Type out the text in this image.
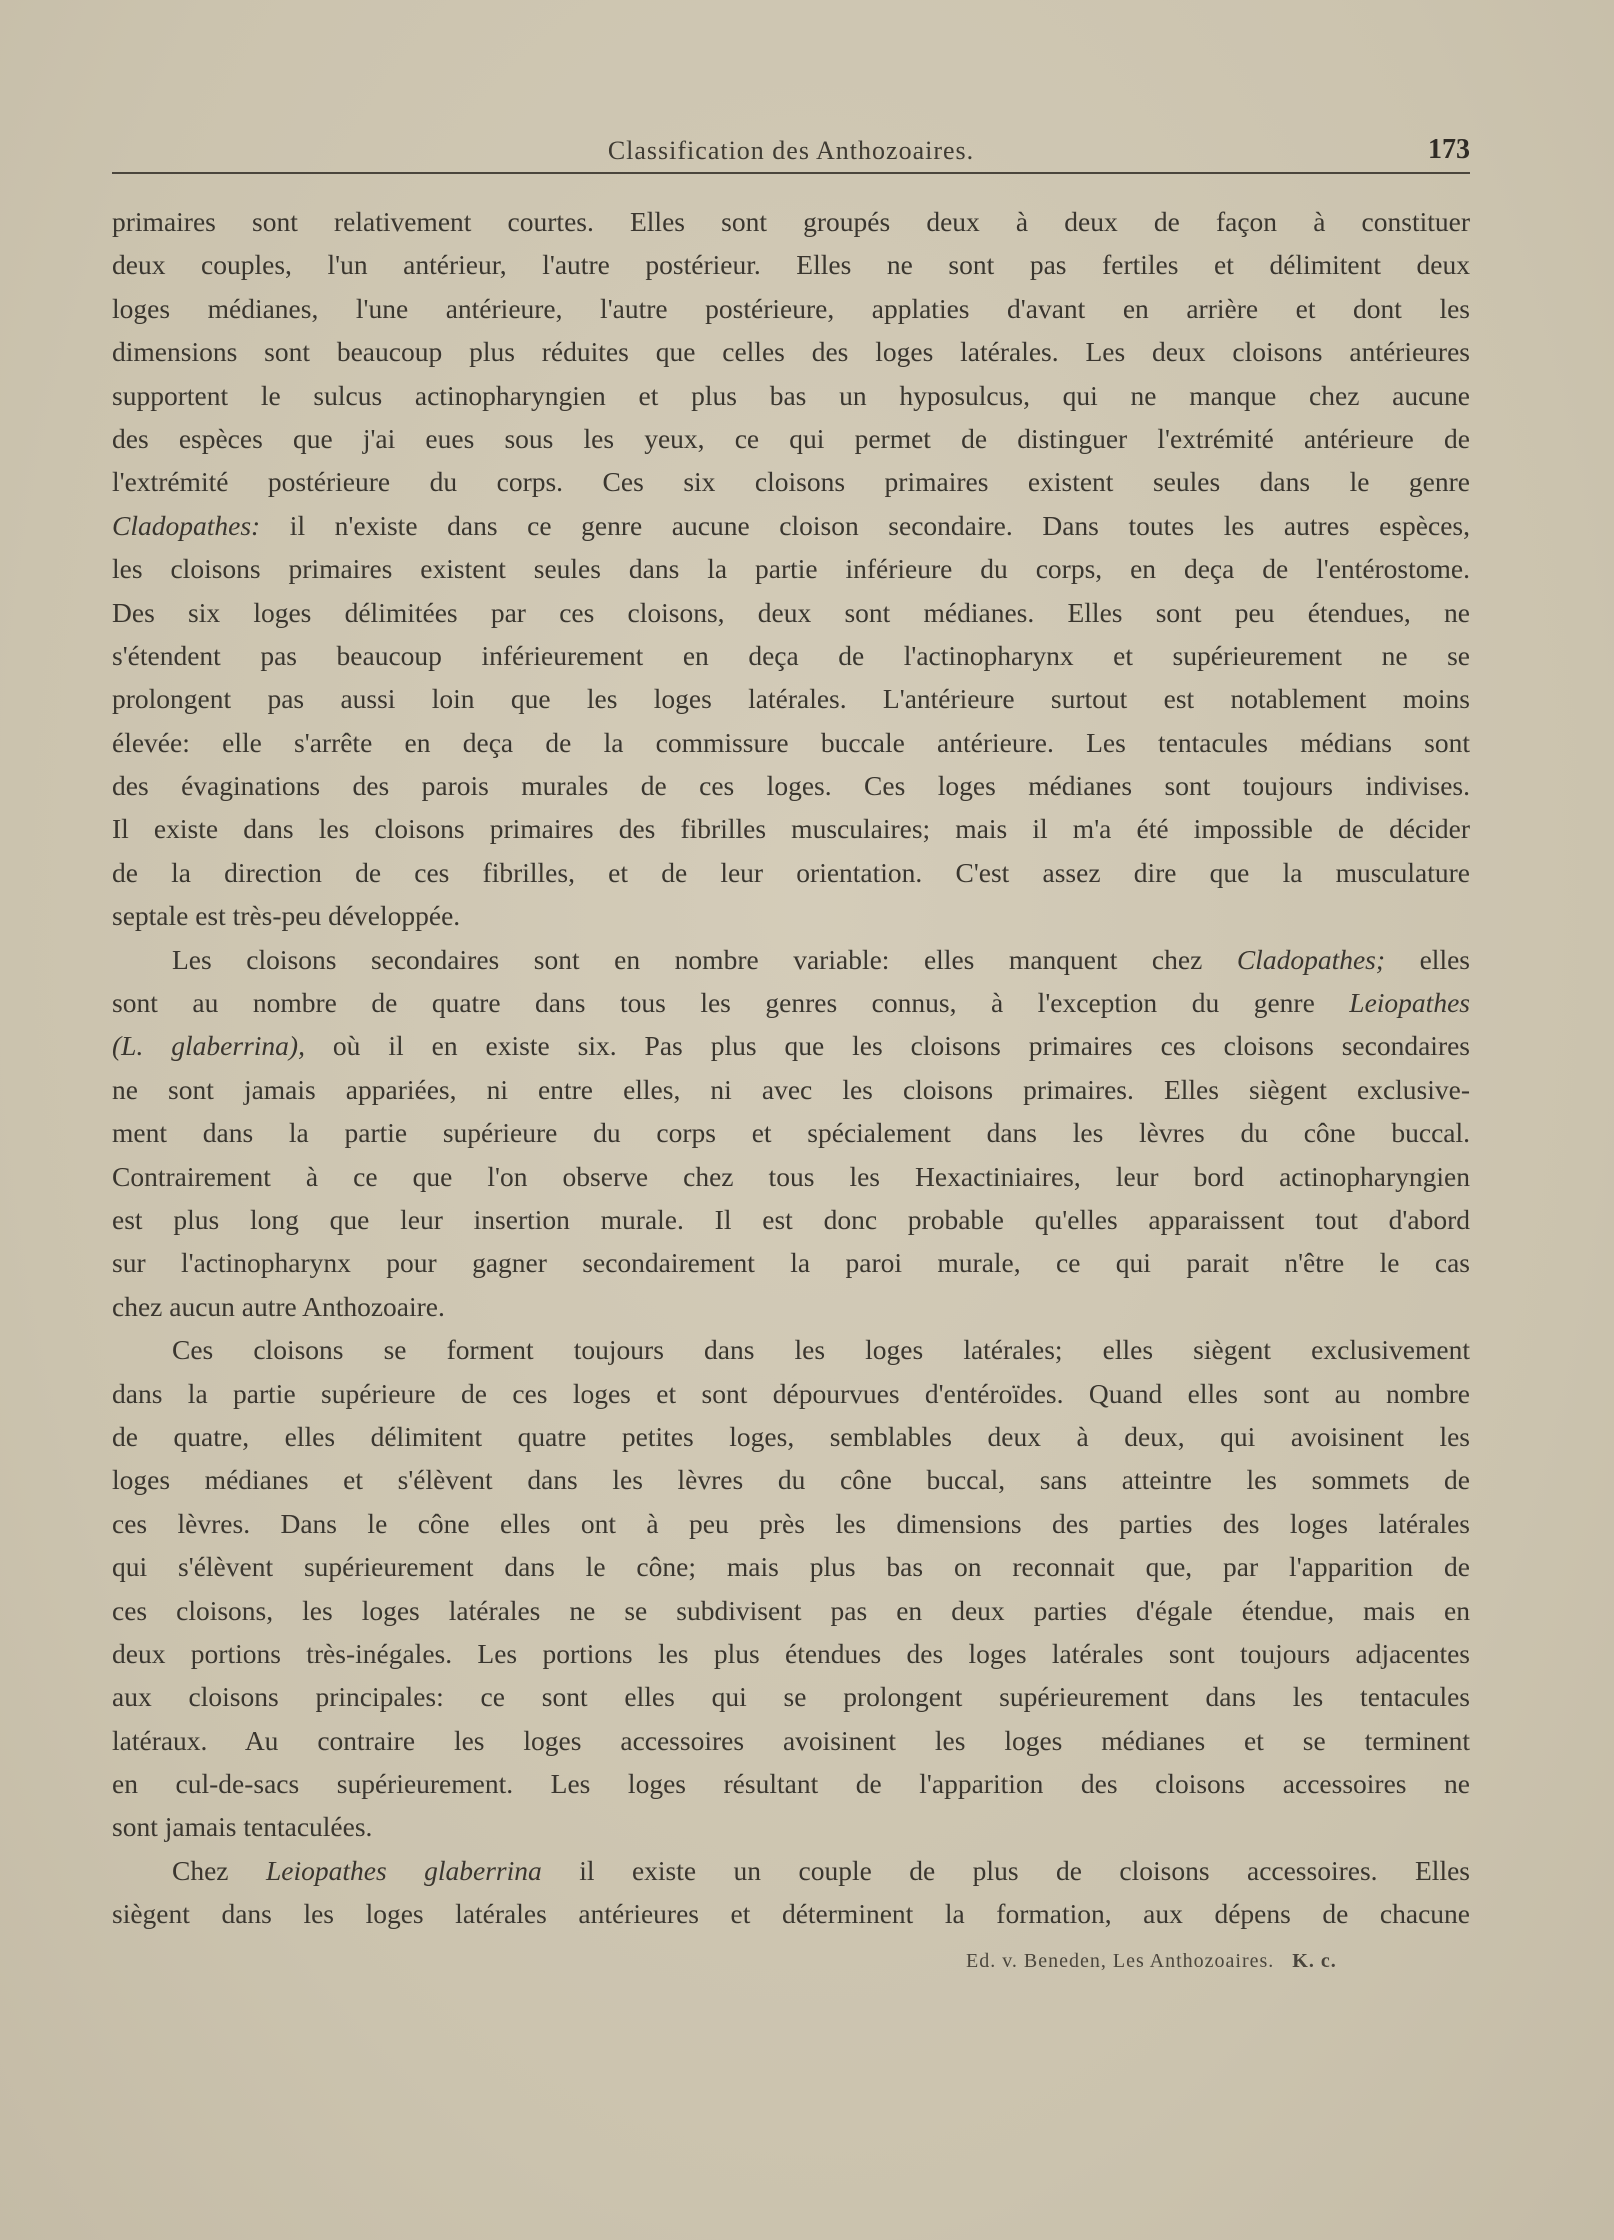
Classification des Anthozoaires.	173
primaires sont relativement courtes. Elles sont groupés deux à deux de façon à constituer
deux couples, l'un antérieur, l'autre postérieur. Elles ne sont pas fertiles et délimitent deux
loges médianes, l'une antérieure, l'autre postérieure, applaties d'avant en arrière et dont les
dimensions sont beaucoup plus réduites que celles des loges latérales. Les deux cloisons antérieures
supportent le sulcus actinopharyngien et plus bas un hyposulcus, qui ne manque chez aucune
des espèces que j'ai eues sous les yeux, ce qui permet de distinguer l'extrémité antérieure de
l'extrémité postérieure du corps. Ces six cloisons primaires existent seules dans le genre
Cladopathes: il n'existe dans ce genre aucune cloison secondaire. Dans toutes les autres espèces,
les cloisons primaires existent seules dans la partie inférieure du corps, en deça de l'entérostome.
Des six loges délimitées par ces cloisons, deux sont médianes. Elles sont peu étendues, ne
s'étendent pas beaucoup inférieurement en deça de l'actinopharynx et supérieurement ne se
prolongent pas aussi loin que les loges latérales. L'antérieure surtout est notablement moins
élevée: elle s'arrête en deça de la commissure buccale antérieure. Les tentacules médians sont
des évaginations des parois murales de ces loges. Ces loges médianes sont toujours indivises.
Il existe dans les cloisons primaires des fibrilles musculaires; mais il m'a été impossible de décider
de la direction de ces fibrilles, et de leur orientation. C'est assez dire que la musculature
septale est très-peu développée.
Les cloisons secondaires sont en nombre variable: elles manquent chez Cladopathes; elles
sont au nombre de quatre dans tous les genres connus, à l'exception du genre Leiopathes
(L. glaberrina), où il en existe six. Pas plus que les cloisons primaires ces cloisons secondaires
ne sont jamais appariées, ni entre elles, ni avec les cloisons primaires. Elles siègent exclusive-
ment dans la partie supérieure du corps et spécialement dans les lèvres du cône buccal.
Contrairement à ce que l'on observe chez tous les Hexactiniaires, leur bord actinopharyngien
est plus long que leur insertion murale. Il est donc probable qu'elles apparaissent tout d'abord
sur l'actinopharynx pour gagner secondairement la paroi murale, ce qui parait n'être le cas
chez aucun autre Anthozoaire.
Ces cloisons se forment toujours dans les loges latérales; elles siègent exclusivement
dans la partie supérieure de ces loges et sont dépourvues d'entéroïdes. Quand elles sont au nombre
de quatre, elles délimitent quatre petites loges, semblables deux à deux, qui avoisinent les
loges médianes et s'élèvent dans les lèvres du cône buccal, sans atteintre les sommets de
ces lèvres. Dans le cône elles ont à peu près les dimensions des parties des loges latérales
qui s'élèvent supérieurement dans le cône; mais plus bas on reconnait que, par l'apparition de
ces cloisons, les loges latérales ne se subdivisent pas en deux parties d'égale étendue, mais en
deux portions très-inégales. Les portions les plus étendues des loges latérales sont toujours adjacentes
aux cloisons principales: ce sont elles qui se prolongent supérieurement dans les tentacules
latéraux. Au contraire les loges accessoires avoisinent les loges médianes et se terminent
en cul-de-sacs supérieurement. Les loges résultant de l'apparition des cloisons accessoires ne
sont jamais tentaculées.
Chez Leiopathes glaberrina il existe un couple de plus de cloisons accessoires. Elles
siègent dans les loges latérales antérieures et déterminent la formation, aux dépens de chacune
Ed. v. Beneden, Les Anthozoaires. K. c.
